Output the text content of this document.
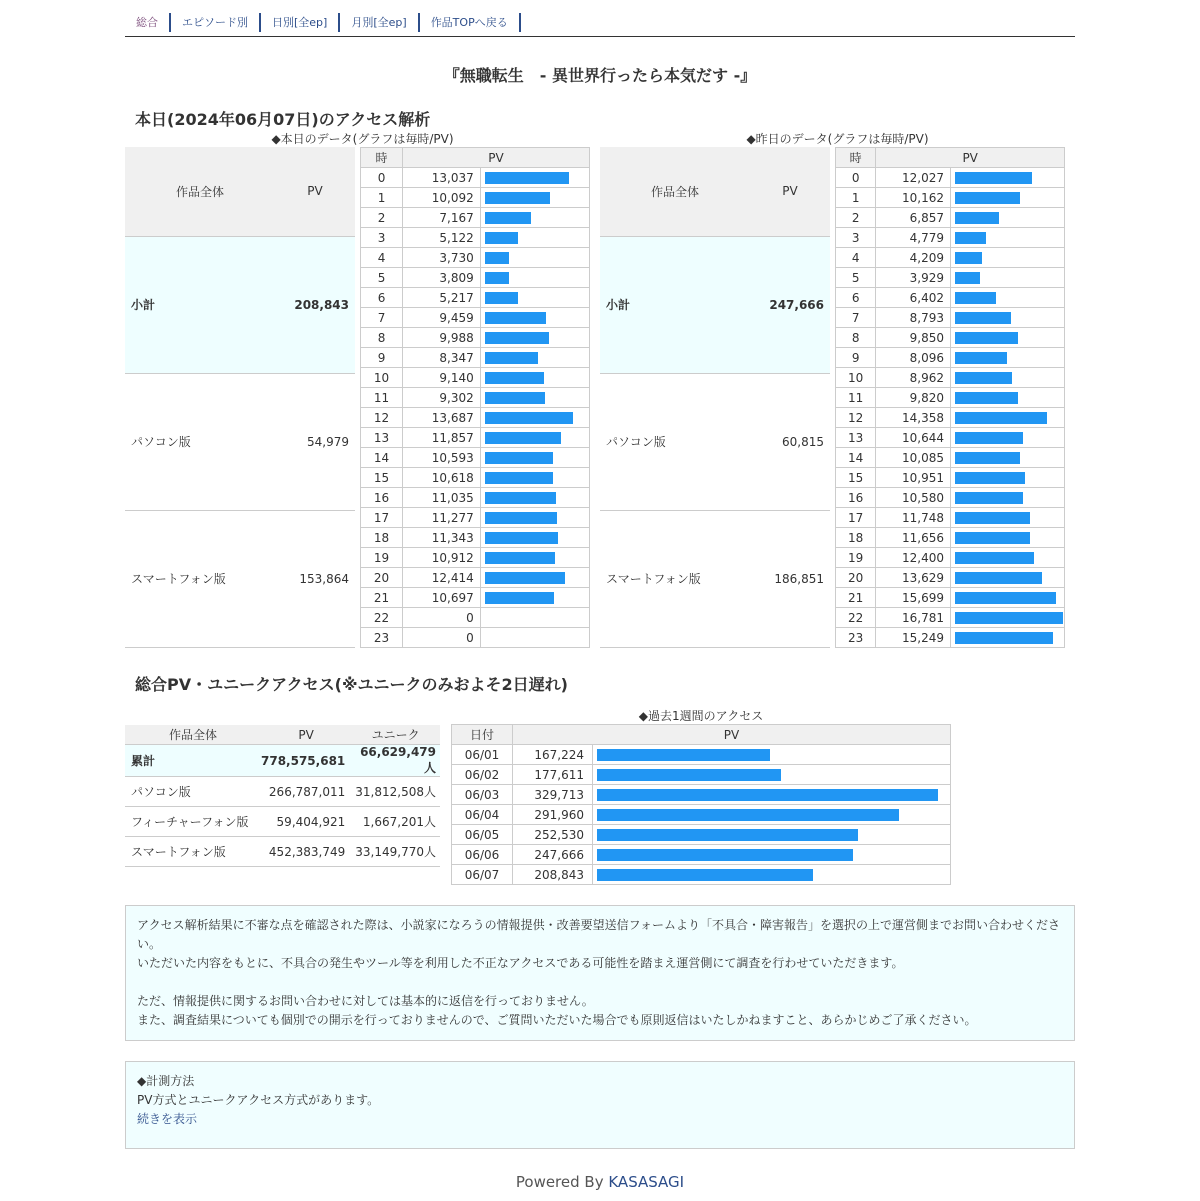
総合	エピソード別	日別[全ep]	月別[全ep]	作品TOPへ戻る
『無職転生　- 異世界行ったら本気だす -』
本日(2024年06月07日)のアクセス解析
◆本日のデータ(グラフは毎時/PV)
作品全体	PV
小計	208,843
パソコン版	54,979
スマートフォン版	153,864
時	PV	
0	13,037	

1	10,092	

2	7,167	

3	5,122	

4	3,730	

5	3,809	

6	5,217	

7	9,459	

8	9,988	

9	8,347	

10	9,140	

11	9,302	

12	13,687	

13	11,857	

14	10,593	

15	10,618	

16	11,035	

17	11,277	

18	11,343	

19	10,912	

20	12,414	

21	10,697	

22	0	
23	0	
◆昨日のデータ(グラフは毎時/PV)
作品全体	PV
小計	247,666
パソコン版	60,815
スマートフォン版	186,851
時	PV	
0	12,027	

1	10,162	

2	6,857	

3	4,779	

4	4,209	

5	3,929	

6	6,402	

7	8,793	

8	9,850	

9	8,096	

10	8,962	

11	9,820	

12	14,358	

13	10,644	

14	10,085	

15	10,951	

16	10,580	

17	11,748	

18	11,656	

19	12,400	

20	13,629	

21	15,699	

22	16,781	

23	15,249	
総合PV・ユニークアクセス(※ユニークのみおよそ2日遅れ)
作品全体	PV	ユニーク
累計	778,575,681	66,629,479人
パソコン版	266,787,011	31,812,508人
フィーチャーフォン版	59,404,921	1,667,201人
スマートフォン版	452,383,749	33,149,770人
◆過去1週間のアクセス
日付	PV	
06/01	167,224	

06/02	177,611	

06/03	329,713	

06/04	291,960	

06/05	252,530	

06/06	247,666	

06/07	208,843	

アクセス解析結果に不審な点を確認された際は、小説家になろうの情報提供・改善要望送信フォームより「不具合・障害報告」を選択の上で運営側までお問い合わせください。

いただいた内容をもとに、不具合の発生やツール等を利用した不正なアクセスである可能性を踏まえ運営側にて調査を行わせていただきます。

ただ、情報提供に関するお問い合わせに対しては基本的に返信を行っておりません。

また、調査結果についても個別での開示を行っておりませんので、ご質問いただいた場合でも原則返信はいたしかねますこと、あらかじめご了承ください。

◆計測方法

PV方式とユニークアクセス方式があります。

続きを表示

Powered By KASASAGI
